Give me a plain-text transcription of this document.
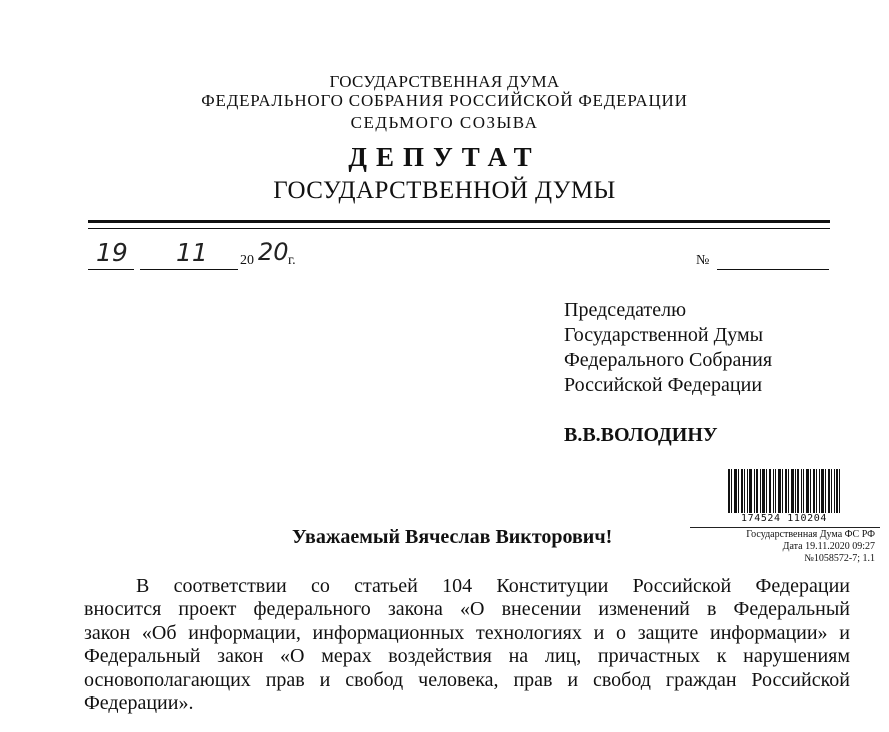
ГОСУДАРСТВЕННАЯ ДУМА
ФЕДЕРАЛЬНОГО СОБРАНИЯ РОССИЙСКОЙ ФЕДЕРАЦИИ
СЕДЬМОГО СОЗЫВА
ДЕПУТАТ
ГОСУДАРСТВЕННОЙ ДУМЫ
19 11 20 20 г.	№
Председателю
Государственной Думы
Федерального Собрания
Российской Федерации
В.В.ВОЛОДИНУ
174524 110204
Государственная Дума ФС РФ
Дата 19.11.2020 09:27
№1058572-7; 1.1
Уважаемый Вячеслав Викторович!
В соответствии со статьей 104 Конституции Российской Федерации
вносится проект федерального закона «О внесении изменений в Федеральный
закон «Об информации, информационных технологиях и о защите информации» и
Федеральный закон «О мерах воздействия на лиц, причастных к нарушениям
основополагающих прав и свобод человека, прав и свобод граждан Российской
Федерации».
